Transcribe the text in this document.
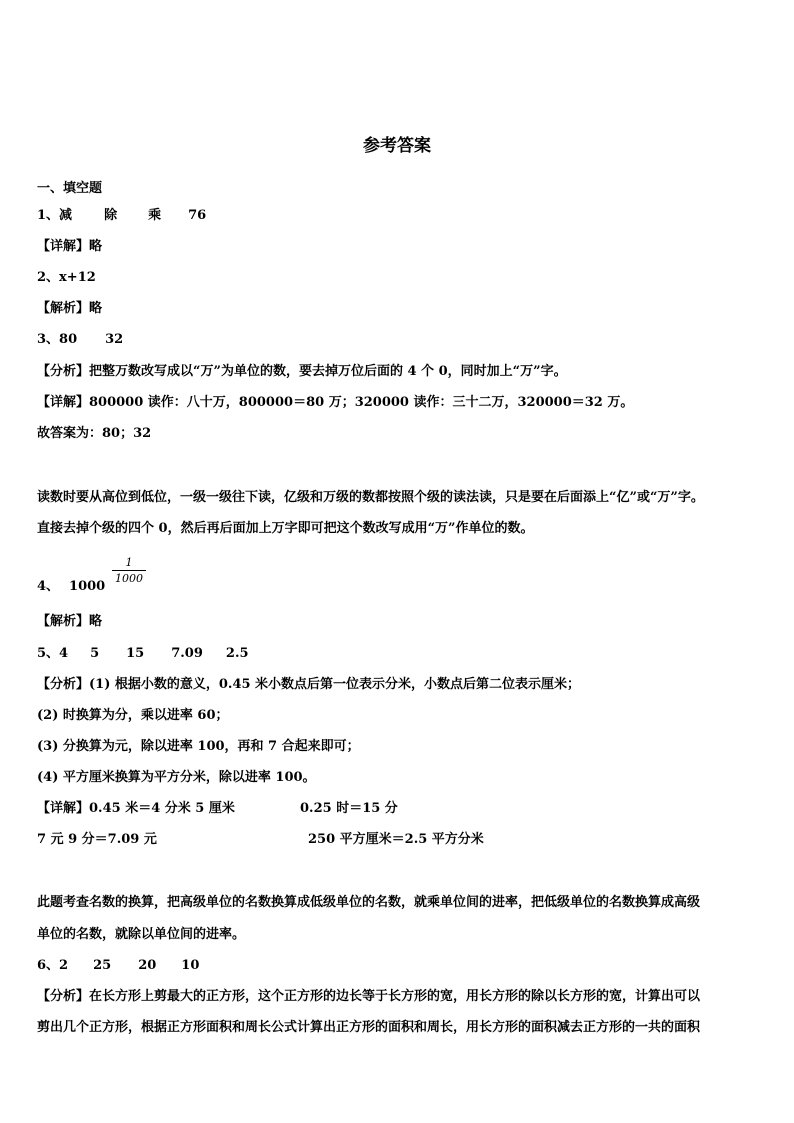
参考答案
一、填空题
1、减 除 乘 76
【详解】略
2、x+12
【解析】略
3、80 32
【分析】把整万数改写成以“万”为单位的数，要去掉万位后面的 4 个 0，同时加上“万”字。
【详解】800000 读作：八十万，800000＝80 万；320000 读作：三十二万，320000＝32 万。
故答案为：80；32
读数时要从高位到低位，一级一级往下读，亿级和万级的数都按照个级的读法读，只是要在后面添上“亿”或“万”字。
直接去掉个级的四个 0，然后再后面加上万字即可把这个数改写成用“万”作单位的数。
4、 1000
1
1000
【解析】略
5、4 5 15 7.09 2.5
【分析】(1) 根据小数的意义，0.45 米小数点后第一位表示分米，小数点后第二位表示厘米；
(2) 时换算为分，乘以进率 60；
(3) 分换算为元，除以进率 100，再和 7 合起来即可；
(4) 平方厘米换算为平方分米，除以进率 100。
【详解】0.45 米＝4 分米 5 厘米	0.25 时＝15 分
7 元 9 分＝7.09 元	250 平方厘米＝2.5 平方分米
此题考查名数的换算，把高级单位的名数换算成低级单位的名数，就乘单位间的进率，把低级单位的名数换算成高级
单位的名数，就除以单位间的进率。
6、2 25 20 10
【分析】在长方形上剪最大的正方形，这个正方形的边长等于长方形的宽，用长方形的除以长方形的宽，计算出可以
剪出几个正方形，根据正方形面积和周长公式计算出正方形的面积和周长，用长方形的面积减去正方形的一共的面积
